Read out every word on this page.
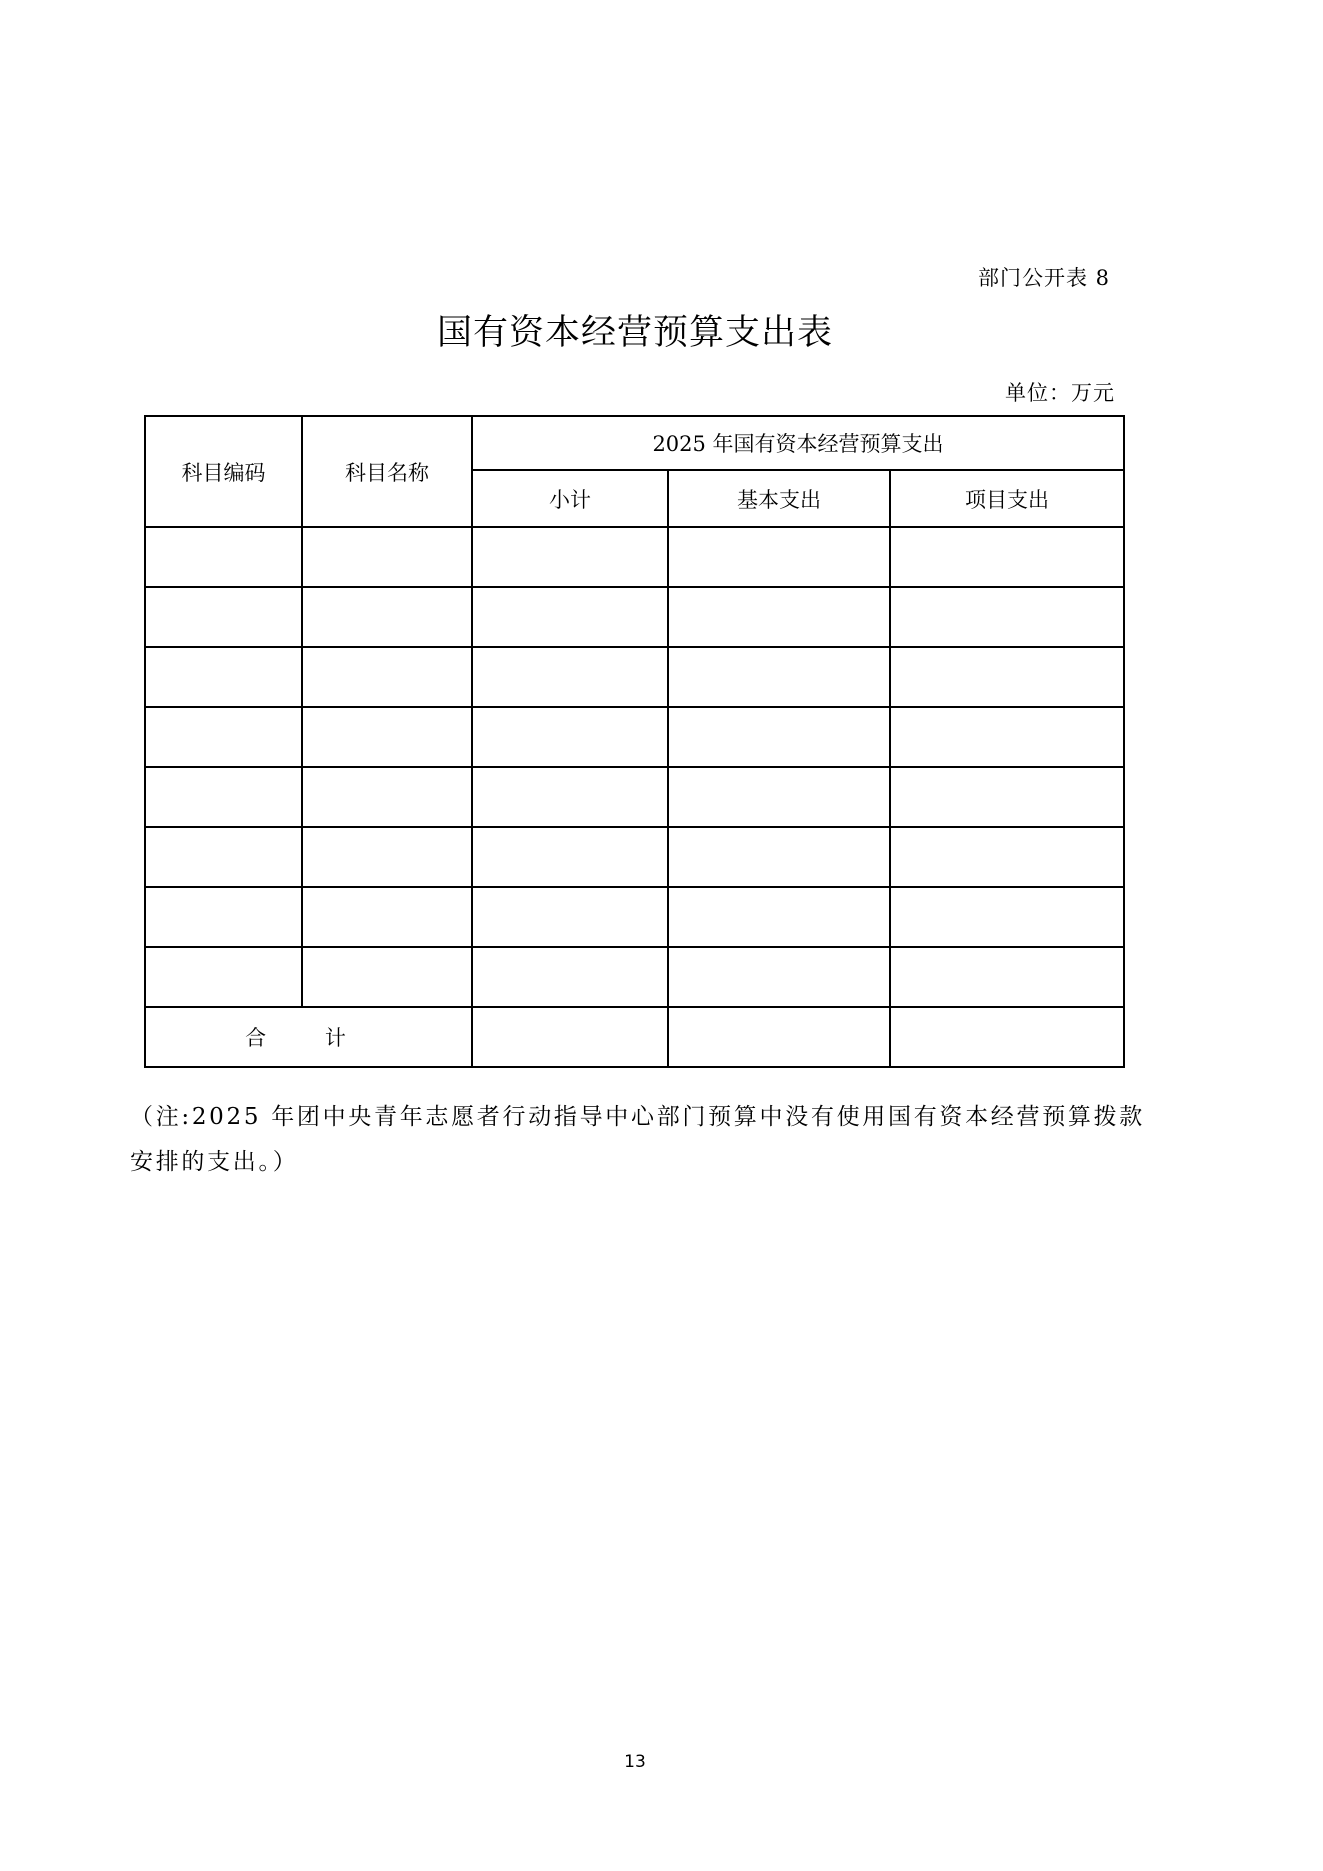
部门公开表 8
国有资本经营预算支出表
单位：万元
科目编码	科目名称	2025 年国有资本经营预算支出		
		小计	基本支出	项目支出

合 计				
（注:2025 年团中央青年志愿者行动指导中心部门预算中没有使用国有资本经营预算拨款安排的支出。）
13
